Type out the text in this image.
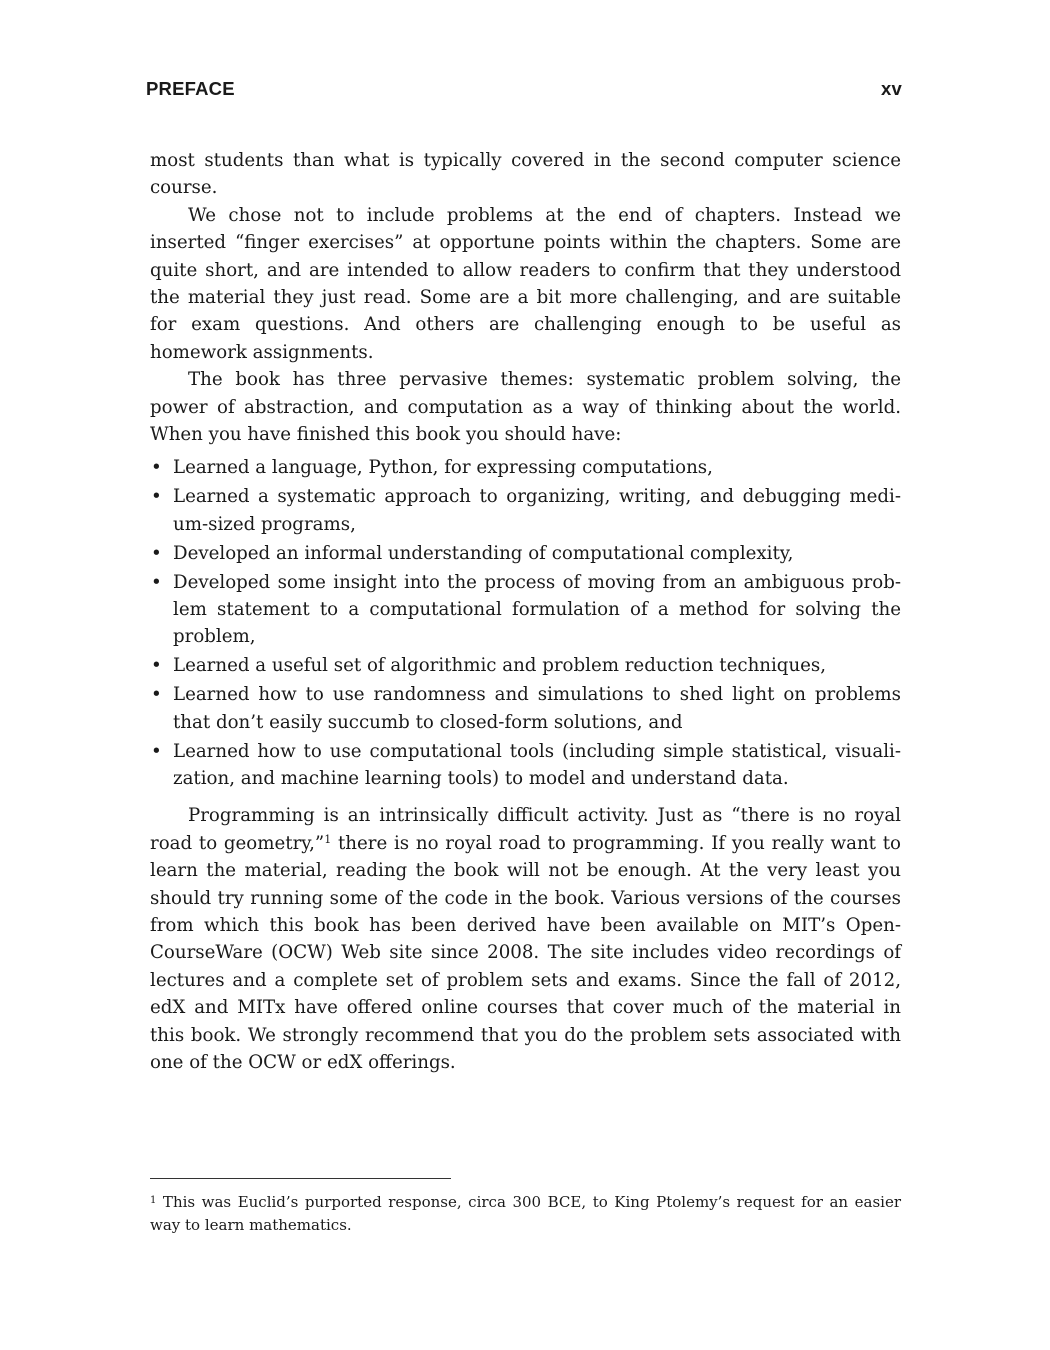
PREFACE	xv

most students than what is typically covered in the second computer science course.

We chose not to include problems at the end of chapters. Instead we inserted “finger exercises” at opportune points within the chapters. Some are quite short, and are intended to allow readers to confirm that they understood the material they just read. Some are a bit more challenging, and are suitable for exam questions. And others are challenging enough to be useful as homework assignments.

The book has three pervasive themes: systematic problem solving, the power of abstraction, and computation as a way of thinking about the world. When you have finished this book you should have:

• Learned a language, Python, for expressing computations,
• Learned a systematic approach to organizing, writing, and debugging medium-sized programs,
• Developed an informal understanding of computational complexity,
• Developed some insight into the process of moving from an ambiguous problem statement to a computational formulation of a method for solving the problem,
• Learned a useful set of algorithmic and problem reduction techniques,
• Learned how to use randomness and simulations to shed light on problems that don’t easily succumb to closed-form solutions, and
• Learned how to use computational tools (including simple statistical, visualization, and machine learning tools) to model and understand data.

Programming is an intrinsically difficult activity. Just as “there is no royal road to geometry,”$^1$ there is no royal road to programming. If you really want to learn the material, reading the book will not be enough. At the very least you should try running some of the code in the book. Various versions of the courses from which this book has been derived have been available on MIT’s OpenCourseWare (OCW) Web site since 2008. The site includes video recordings of lectures and a complete set of problem sets and exams. Since the fall of 2012, edX and MITx have offered online courses that cover much of the material in this book. We strongly recommend that you do the problem sets associated with one of the OCW or edX offerings.

$^1$ This was Euclid’s purported response, circa 300 BCE, to King Ptolemy’s request for an easier way to learn mathematics.
